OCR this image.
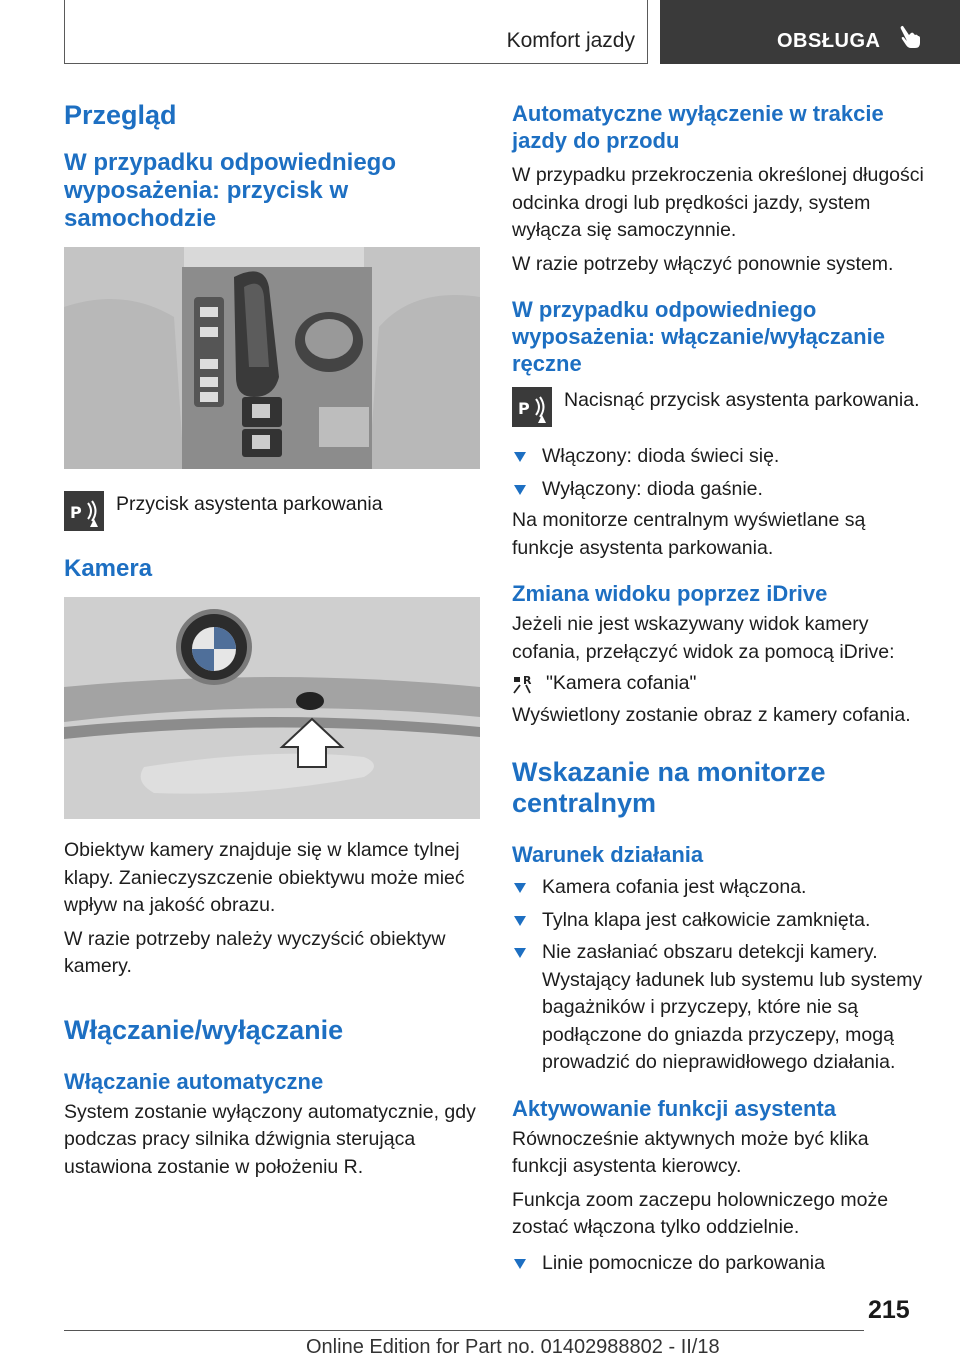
Komfort jazdy	OBSŁUGA
Przegląd
W przypadku odpowiedniego wyposażenia: przycisk w samochodzie
P	Przycisk asystenta parkowania
Kamera

Obiektyw kamery znajduje się w klamce tylnej klapy. Zanieczyszczenie obiektywu może mieć wpływ na jakość obrazu.

W razie potrzeby należy wyczyścić obiektyw kamery.

Włączanie/wyłączanie
Włączanie automatyczne

System zostanie wyłączony automatycznie, gdy podczas pracy silnika dźwignia sterująca ustawiona zostanie w położeniu R.

Automatyczne wyłączenie w trakcie jazdy do przodu

W przypadku przekroczenia określonej długości odcinka drogi lub prędkości jazdy, system wyłącza się samoczynnie.

W razie potrzeby włączyć ponownie system.

W przypadku odpowiedniego wyposażenia: włączanie/wyłączanie ręczne
P	Nacisnąć przycisk asystenta parkowania.
Włączony: dioda świeci się.
Wyłączony: dioda gaśnie.

Na monitorze centralnym wyświetlane są funkcje asystenta parkowania.

Zmiana widoku poprzez iDrive

Jeżeli nie jest wskazywany widok kamery cofania, przełączyć widok za pomocą iDrive:

R "Kamera cofania"

Wyświetlony zostanie obraz z kamery cofania.

Wskazanie na monitorze centralnym
Warunek działania
Kamera cofania jest włączona.
Tylna klapa jest całkowicie zamknięta.
Nie zasłaniać obszaru detekcji kamery. Wystający ładunek lub systemu lub systemy bagażników i przyczepy, które nie są podłączone do gniazda przyczepy, mogą prowadzić do nieprawidłowego działania.
Aktywowanie funkcji asystenta

Równocześnie aktywnych może być klika funkcji asystenta kierowcy.

Funkcja zoom zaczepu holowniczego może zostać włączona tylko oddzielnie.

Linie pomocnicze do parkowania
215
Online Edition for Part no. 01402988802 - II/18
